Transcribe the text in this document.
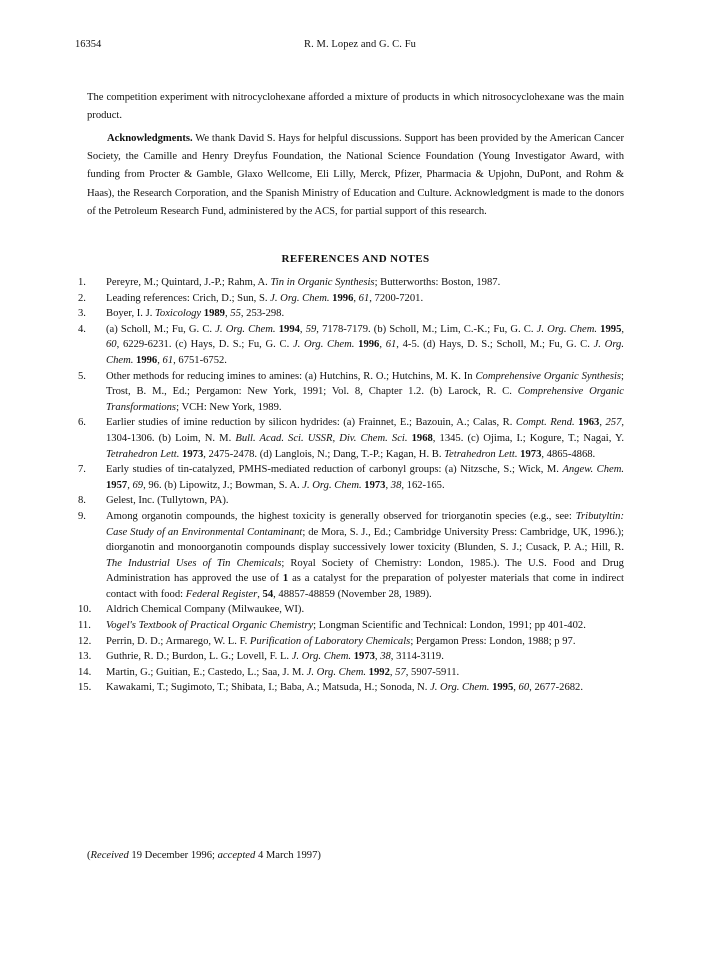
16354	R. M. Lopez and G. C. Fu

The competition experiment with nitrocyclohexane afforded a mixture of products in which nitrosocyclohexane was the main product.

Acknowledgments. We thank David S. Hays for helpful discussions. Support has been provided by the American Cancer Society, the Camille and Henry Dreyfus Foundation, the National Science Foundation (Young Investigator Award, with funding from Procter & Gamble, Glaxo Wellcome, Eli Lilly, Merck, Pfizer, Pharmacia & Upjohn, DuPont, and Rohm & Haas), the Research Corporation, and the Spanish Ministry of Education and Culture. Acknowledgment is made to the donors of the Petroleum Research Fund, administered by the ACS, for partial support of this research.

REFERENCES AND NOTES
1.	Pereyre, M.; Quintard, J.-P.; Rahm, A. Tin in Organic Synthesis; Butterworths: Boston, 1987.
2.	Leading references: Crich, D.; Sun, S. J. Org. Chem. 1996, 61, 7200-7201.
3.	Boyer, I. J. Toxicology 1989, 55, 253-298.
4.	(a) Scholl, M.; Fu, G. C. J. Org. Chem. 1994, 59, 7178-7179. (b) Scholl, M.; Lim, C.-K.; Fu, G. C. J. Org. Chem. 1995, 60, 6229-6231. (c) Hays, D. S.; Fu, G. C. J. Org. Chem. 1996, 61, 4-5. (d) Hays, D. S.; Scholl, M.; Fu, G. C. J. Org. Chem. 1996, 61, 6751-6752.
5.	Other methods for reducing imines to amines: (a) Hutchins, R. O.; Hutchins, M. K. In Comprehensive Organic Synthesis; Trost, B. M., Ed.; Pergamon: New York, 1991; Vol. 8, Chapter 1.2. (b) Larock, R. C. Comprehensive Organic Transformations; VCH: New York, 1989.
6.	Earlier studies of imine reduction by silicon hydrides: (a) Frainnet, E.; Bazouin, A.; Calas, R. Compt. Rend. 1963, 257, 1304-1306. (b) Loim, N. M. Bull. Acad. Sci. USSR, Div. Chem. Sci. 1968, 1345. (c) Ojima, I.; Kogure, T.; Nagai, Y. Tetrahedron Lett. 1973, 2475-2478. (d) Langlois, N.; Dang, T.-P.; Kagan, H. B. Tetrahedron Lett. 1973, 4865-4868.
7.	Early studies of tin-catalyzed, PMHS-mediated reduction of carbonyl groups: (a) Nitzsche, S.; Wick, M. Angew. Chem. 1957, 69, 96. (b) Lipowitz, J.; Bowman, S. A. J. Org. Chem. 1973, 38, 162-165.
8.	Gelest, Inc. (Tullytown, PA).
9.	Among organotin compounds, the highest toxicity is generally observed for triorganotin species (e.g., see: Tributyltin: Case Study of an Environmental Contaminant; de Mora, S. J., Ed.; Cambridge University Press: Cambridge, UK, 1996.); diorganotin and monoorganotin compounds display successively lower toxicity (Blunden, S. J.; Cusack, P. A.; Hill, R. The Industrial Uses of Tin Chemicals; Royal Society of Chemistry: London, 1985.). The U.S. Food and Drug Administration has approved the use of 1 as a catalyst for the preparation of polyester materials that come in indirect contact with food: Federal Register, 54, 48857-48859 (November 28, 1989).
10.	Aldrich Chemical Company (Milwaukee, WI).
11.	Vogel's Textbook of Practical Organic Chemistry; Longman Scientific and Technical: London, 1991; pp 401-402.
12.	Perrin, D. D.; Armarego, W. L. F. Purification of Laboratory Chemicals; Pergamon Press: London, 1988; p 97.
13.	Guthrie, R. D.; Burdon, L. G.; Lovell, F. L. J. Org. Chem. 1973, 38, 3114-3119.
14.	Martin, G.; Guitian, E.; Castedo, L.; Saa, J. M. J. Org. Chem. 1992, 57, 5907-5911.
15.	Kawakami, T.; Sugimoto, T.; Shibata, I.; Baba, A.; Matsuda, H.; Sonoda, N. J. Org. Chem. 1995, 60, 2677-2682.

(Received 19 December 1996; accepted 4 March 1997)
